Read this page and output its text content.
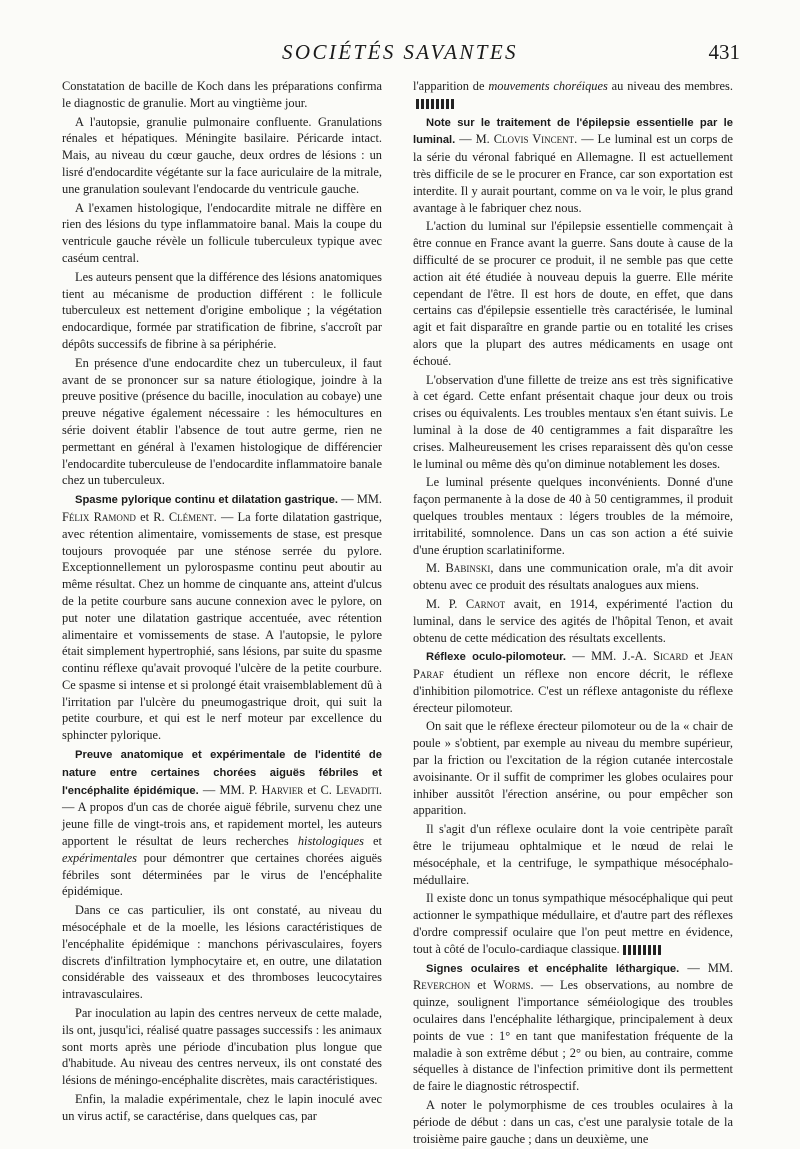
SOCIÉTÉS SAVANTES	431

Constatation de bacille de Koch dans les préparations confirma le diagnostic de granulie. Mort au vingtième jour.

A l'autopsie, granulie pulmonaire confluente. Granulations rénales et hépatiques. Méningite basilaire. Péricarde intact. Mais, au niveau du cœur gauche, deux ordres de lésions : un lisré d'endocardite végétante sur la face auriculaire de la mitrale, une granulation soulevant l'endocarde du ventricule gauche.

A l'examen histologique, l'endocardite mitrale ne diffère en rien des lésions du type inflammatoire banal. Mais la coupe du ventricule gauche révèle un follicule tuberculeux typique avec caséum central.

Les auteurs pensent que la différence des lésions anatomiques tient au mécanisme de production différent : le follicule tuberculeux est nettement d'origine embolique ; la végétation endocardique, formée par stratification de fibrine, s'accroît par dépôts successifs de fibrine à sa périphérie.

En présence d'une endocardite chez un tuberculeux, il faut avant de se prononcer sur sa nature étiologique, joindre à la preuve positive (présence du bacille, inoculation au cobaye) une preuve négative également nécessaire : les hémocultures en série doivent établir l'absence de tout autre germe, rien ne permettant en général à l'examen histologique de différencier l'endocardite tuberculeuse de l'endocardite inflammatoire banale chez un tuberculeux.

Spasme pylorique continu et dilatation gastrique. — MM. Félix Ramond et R. Clément. — La forte dilatation gastrique, avec rétention alimentaire, vomissements de stase, est presque toujours provoquée par une sténose serrée du pylore. Exceptionnellement un pylorospasme continu peut aboutir au même résultat. Chez un homme de cinquante ans, atteint d'ulcus de la petite courbure sans aucune connexion avec le pylore, on put noter une dilatation gastrique accentuée, avec rétention alimentaire et vomissements de stase. A l'autopsie, le pylore était simplement hypertrophié, sans lésions, par suite du spasme continu réflexe qu'avait provoqué l'ulcère de la petite courbure. Ce spasme si intense et si prolongé était vraisemblablement dû à l'irritation par l'ulcère du pneumogastrique droit, qui suit la petite courbure, et qui est le nerf moteur par excellence du sphincter pylorique.

Preuve anatomique et expérimentale de l'identité de nature entre certaines chorées aiguës fébriles et l'encéphalite épidémique. — MM. P. Harvier et C. Levaditi. — A propos d'un cas de chorée aiguë fébrile, survenu chez une jeune fille de vingt-trois ans, et rapidement mortel, les auteurs apportent le résultat de leurs recherches histologiques et expérimentales pour démontrer que certaines chorées aiguës fébriles sont déterminées par le virus de l'encéphalite épidémique.

Dans ce cas particulier, ils ont constaté, au niveau du mésocéphale et de la moelle, les lésions caractéristiques de l'encéphalite épidémique : manchons périvasculaires, foyers discrets d'infiltration lymphocytaire et, en outre, une dilatation considérable des vaisseaux et des thromboses leucocytaires intravasculaires.

Par inoculation au lapin des centres nerveux de cette malade, ils ont, jusqu'ici, réalisé quatre passages successifs : les animaux sont morts après une période d'incubation plus longue que d'habitude. Au niveau des centres nerveux, ils ont constaté des lésions de méningo-encéphalite discrètes, mais caractéristiques.

Enfin, la maladie expérimentale, chez le lapin inoculé avec un virus actif, se caractérise, dans quelques cas, par

l'apparition de mouvements choréiques au niveau des membres.

Note sur le traitement de l'épilepsie essentielle par le luminal. — M. Clovis Vincent. — Le luminal est un corps de la série du véronal fabriqué en Allemagne. Il est actuellement très difficile de se le procurer en France, car son exportation est interdite. Il y aurait pourtant, comme on va le voir, le plus grand avantage à le fabriquer chez nous.

L'action du luminal sur l'épilepsie essentielle commençait à être connue en France avant la guerre. Sans doute à cause de la difficulté de se procurer ce produit, il ne semble pas que cette action ait été étudiée à nouveau depuis la guerre. Elle mérite cependant de l'être. Il est hors de doute, en effet, que dans certains cas d'épilepsie essentielle très caractérisée, le luminal agit et fait disparaître en grande partie ou en totalité les crises alors que la plupart des autres médicaments en usage ont échoué.

L'observation d'une fillette de treize ans est très significative à cet égard. Cette enfant présentait chaque jour deux ou trois crises ou équivalents. Les troubles mentaux s'en étant suivis. Le luminal à la dose de 40 centigrammes a fait disparaître les crises. Malheureusement les crises reparaissent dès qu'on cesse le luminal ou même dès qu'on diminue notablement les doses.

Le luminal présente quelques inconvénients. Donné d'une façon permanente à la dose de 40 à 50 centigrammes, il produit quelques troubles mentaux : légers troubles de la mémoire, irritabilité, somnolence. Dans un cas son action a été suivie d'une éruption scarlatiniforme.

M. Babinski, dans une communication orale, m'a dit avoir obtenu avec ce produit des résultats analogues aux miens.

M. P. Carnot avait, en 1914, expérimenté l'action du luminal, dans le service des agités de l'hôpital Tenon, et avait obtenu de cette médication des résultats excellents.

Réflexe oculo-pilomoteur. — MM. J.-A. Sicard et Jean Paraf étudient un réflexe non encore décrit, le réflexe d'inhibition pilomotrice. C'est un réflexe antagoniste du réflexe érecteur pilomoteur.

On sait que le réflexe érecteur pilomoteur ou de la « chair de poule » s'obtient, par exemple au niveau du membre supérieur, par la friction ou l'excitation de la région cutanée intercostale avoisinante. Or il suffit de comprimer les globes oculaires pour inhiber aussitôt l'érection ansérine, ou pour empêcher son apparition.

Il s'agit d'un réflexe oculaire dont la voie centripète paraît être le trijumeau ophtalmique et le nœud de relai le mésocéphale, et la centrifuge, le sympathique mésocéphalo-médullaire.

Il existe donc un tonus sympathique mésocéphalique qui peut actionner le sympathique médullaire, et d'autre part des réflexes d'ordre compressif oculaire que l'on peut mettre en évidence, tout à côté de l'oculo-cardiaque classique.

Signes oculaires et encéphalite léthargique. — MM. Reverchon et Worms. — Les observations, au nombre de quinze, soulignent l'importance séméiologique des troubles oculaires dans l'encéphalite léthargique, principalement à deux points de vue : 1° en tant que manifestation fréquente de la maladie à son extrême début ; 2° ou bien, au contraire, comme séquelles à distance de l'infection primitive dont ils permettent de faire le diagnostic rétrospectif.

A noter le polymorphisme de ces troubles oculaires à la période de début : dans un cas, c'est une paralysie totale de la troisième paire gauche ; dans un deuxième, une
